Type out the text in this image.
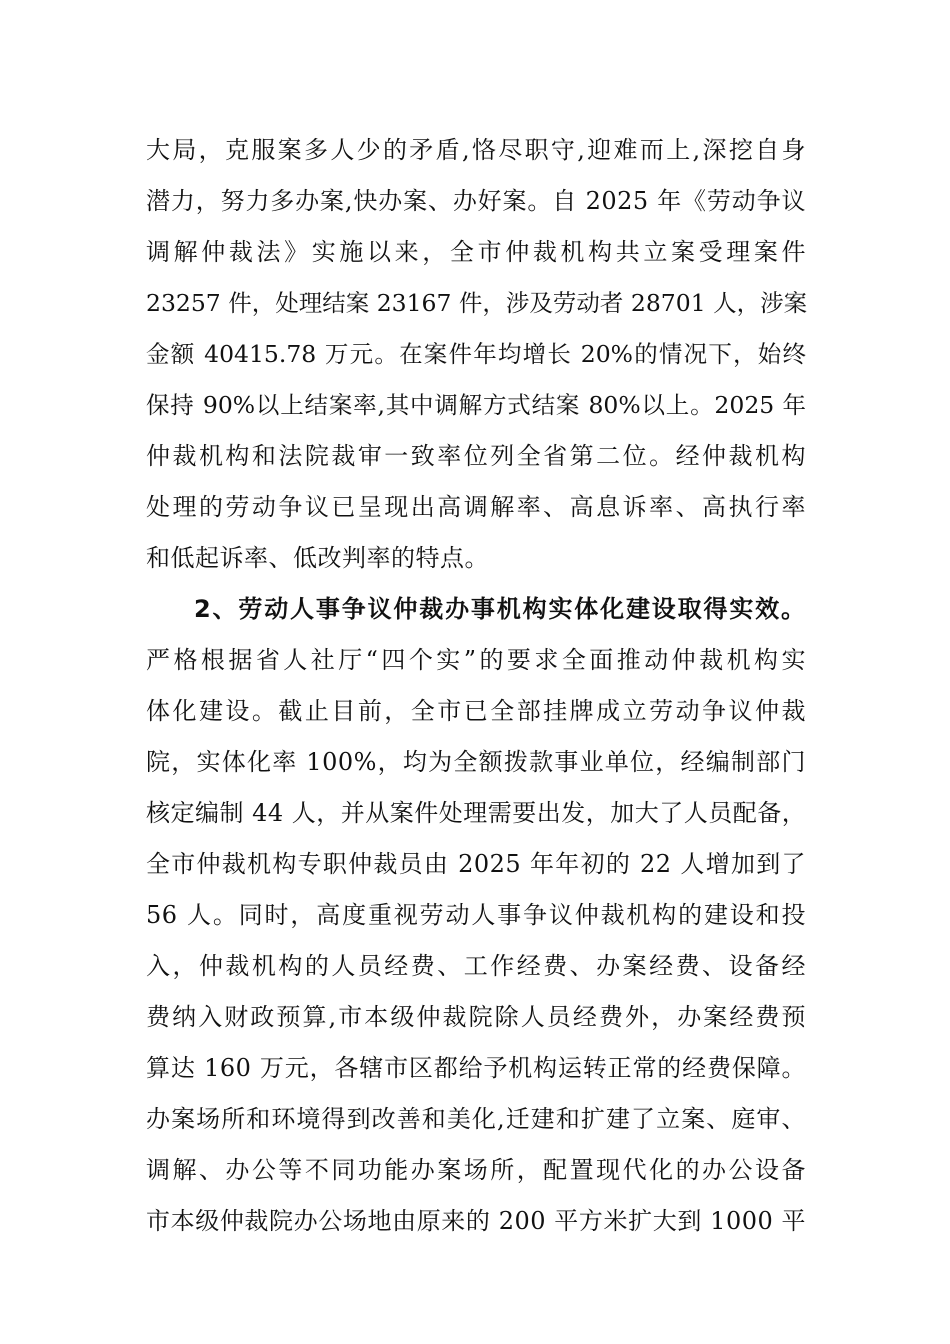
大局，克服案多人少的矛盾,恪尽职守,迎难而上,深挖自身
潜力，努力多办案,快办案、办好案。自 2025 年《劳动争议
调解仲裁法》实施以来，全市仲裁机构共立案受理案件
23257 件，处理结案 23167 件，涉及劳动者 28701 人，涉案
金额 40415.78 万元。在案件年均增长 20%的情况下，始终
保持 90%以上结案率,其中调解方式结案 80%以上。2025 年
仲裁机构和法院裁审一致率位列全省第二位。经仲裁机构
处理的劳动争议已呈现出高调解率、高息诉率、高执行率
和低起诉率、低改判率的特点。
2、劳动人事争议仲裁办事机构实体化建设取得实效。
严格根据省人社厅“四个实”的要求全面推动仲裁机构实
体化建设。截止目前，全市已全部挂牌成立劳动争议仲裁
院，实体化率 100%，均为全额拨款事业单位，经编制部门
核定编制 44 人，并从案件处理需要出发，加大了人员配备，
全市仲裁机构专职仲裁员由 2025 年年初的 22 人增加到了
56 人。同时，高度重视劳动人事争议仲裁机构的建设和投
入，仲裁机构的人员经费、工作经费、办案经费、设备经
费纳入财政预算,市本级仲裁院除人员经费外，办案经费预
算达 160 万元，各辖市区都给予机构运转正常的经费保障。
办案场所和环境得到改善和美化,迁建和扩建了立案、庭审、
调解、办公等不同功能办案场所，配置现代化的办公设备
市本级仲裁院办公场地由原来的 200 平方米扩大到 1000 平
